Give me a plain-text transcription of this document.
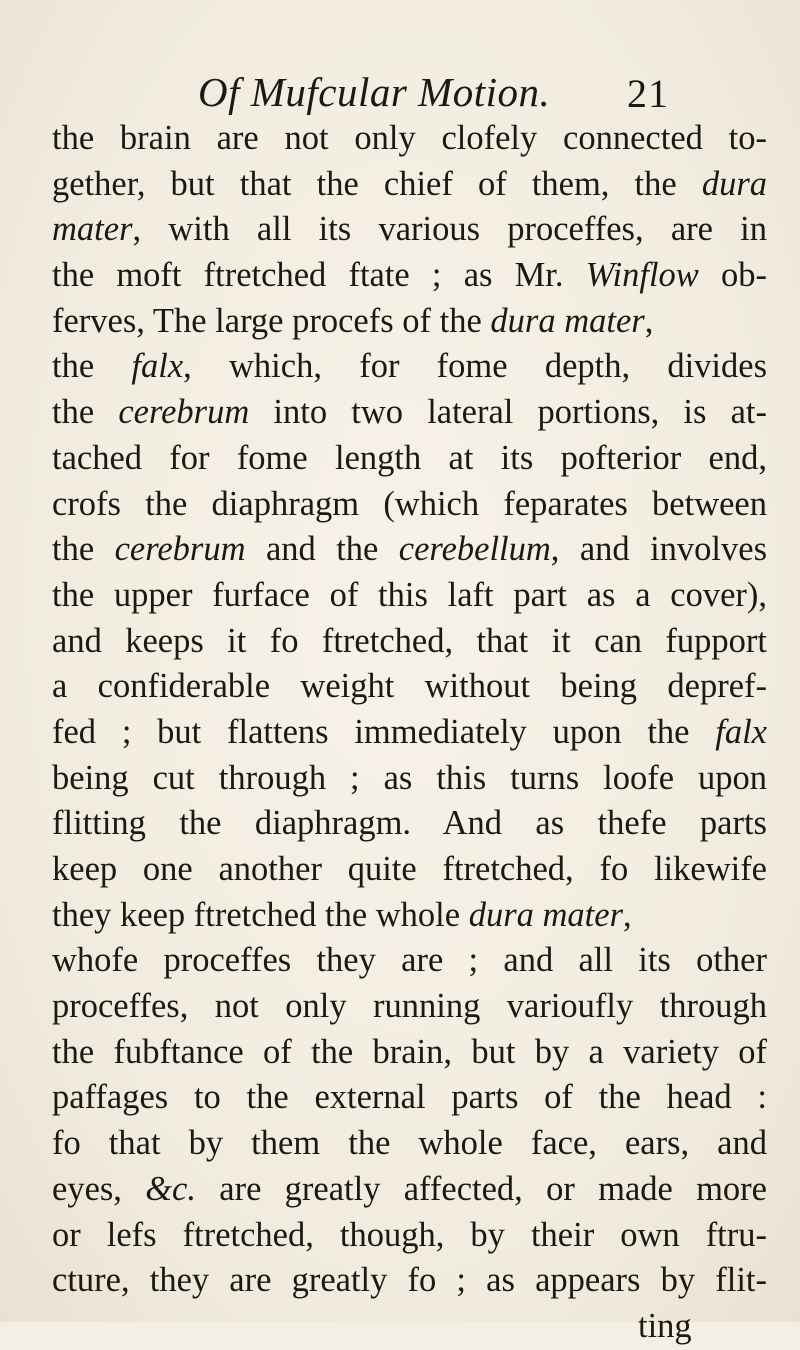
Of Mufcular Motion. 21
the brain are not only clofely connected to-
gether, but that the chief of them, the dura
mater, with all its various proceffes, are in
the moft ftretched ftate ; as Mr. Winflow ob-
ferves, The large procefs of the dura mater,
the falx, which, for fome depth, divides
the cerebrum into two lateral portions, is at-
tached for fome length at its pofterior end,
crofs the diaphragm (which feparates between
the cerebrum and the cerebellum, and involves
the upper furface of this laft part as a cover),
and keeps it fo ftretched, that it can fupport
a confiderable weight without being depref-
fed ; but flattens immediately upon the falx
being cut through ; as this turns loofe upon
flitting the diaphragm. And as thefe parts
keep one another quite ftretched, fo likewife
they keep ftretched the whole dura mater,
whofe proceffes they are ; and all its other
proceffes, not only running varioufly through
the fubftance of the brain, but by a variety of
paffages to the external parts of the head :
fo that by them the whole face, ears, and
eyes, &c. are greatly affected, or made more
or lefs ftretched, though, by their own ftru-
cture, they are greatly fo ; as appears by flit-
ting
